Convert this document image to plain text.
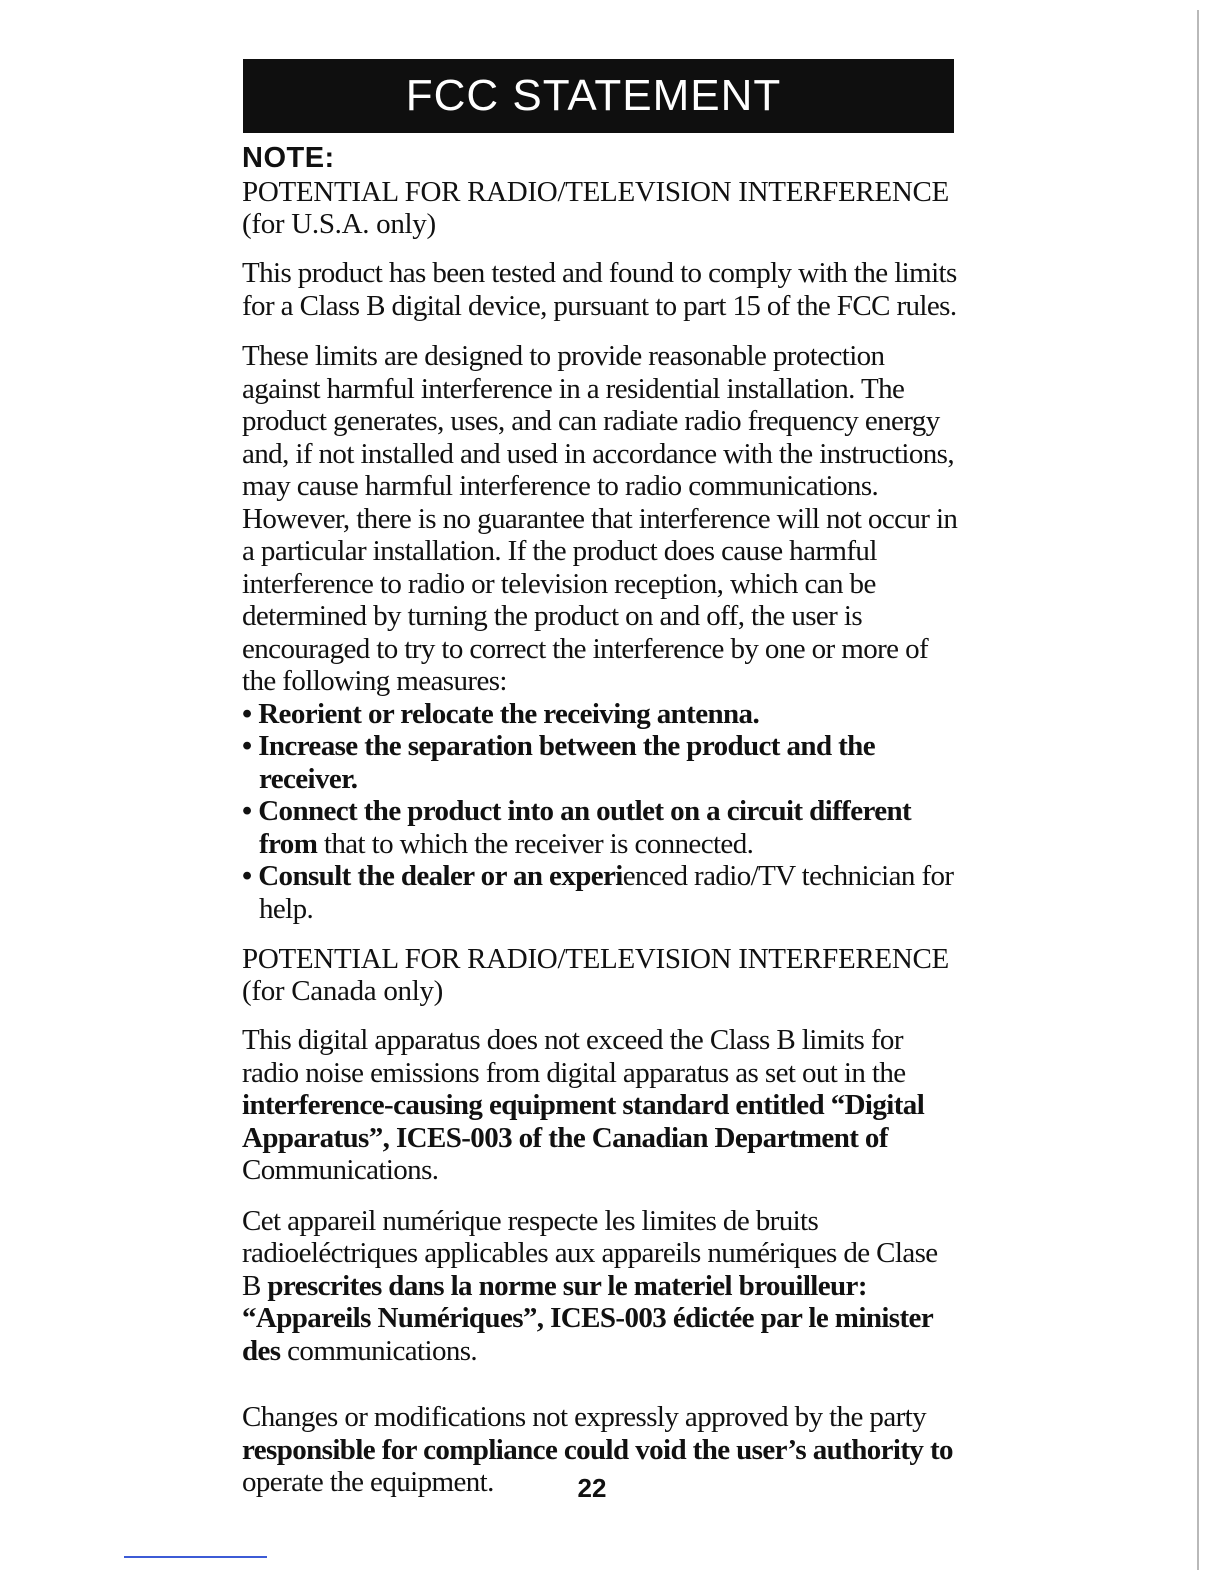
FCC STATEMENT

NOTE:

POTENTIAL FOR RADIO/TELEVISION INTERFERENCE

(for U.S.A. only)

This product has been tested and found to comply with the limits for a Class B digital device, pursuant to part 15 of the FCC rules.

These limits are designed to provide reasonable protection against harmful interference in a residential installation. The product generates, uses, and can radiate radio frequency energy and, if not installed and used in accordance with the instructions, may cause harmful interference to radio communications. However, there is no guarantee that interference will not occur in a particular installation. If the product does cause harmful interference to radio or television reception, which can be determined by turning the product on and off, the user is encouraged to try to correct the interference by one or more of the following measures:

• Reorient or relocate the receiving antenna.
• Increase the separation between the product and the receiver.
• Connect the product into an outlet on a circuit different from that to which the receiver is connected.
• Consult the dealer or an experienced radio/TV technician for help.

POTENTIAL FOR RADIO/TELEVISION INTERFERENCE

(for Canada only)

This digital apparatus does not exceed the Class B limits for radio noise emissions from digital apparatus as set out in the interference-causing equipment standard entitled “Digital Apparatus”, ICES-003 of the Canadian Department of Communications.

Cet appareil numérique respecte les limites de bruits radioeléctriques applicables aux appareils numériques de Clase B prescrites dans la norme sur le materiel brouilleur: “Appareils Numériques”, ICES-003 édictée par le minister des communications.

Changes or modifications not expressly approved by the party responsible for compliance could void the user’s authority to operate the equipment.	22
